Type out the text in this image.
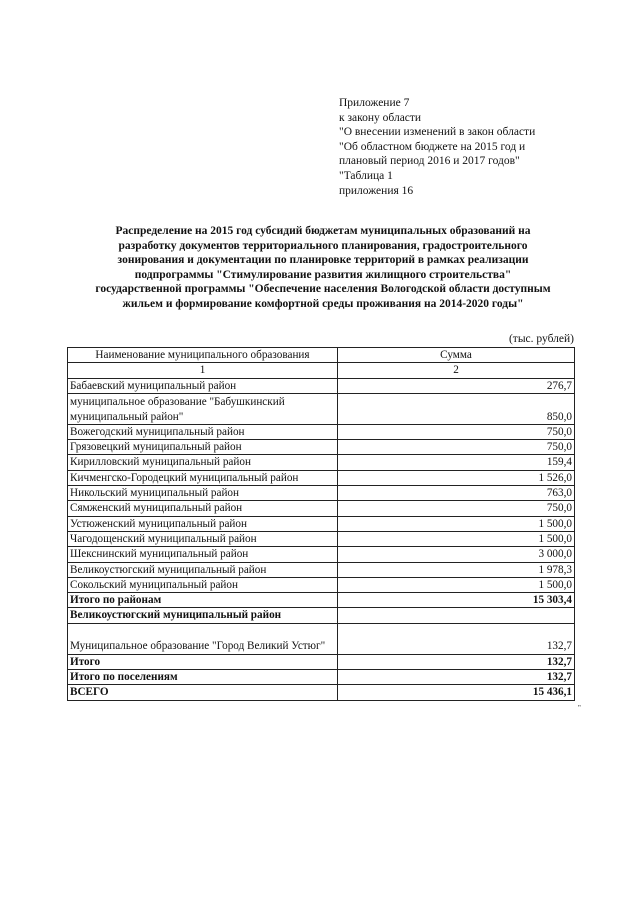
Приложение 7
к закону области
"О внесении изменений в закон области
"Об областном бюджете на 2015 год и
плановый период 2016 и 2017 годов"
"Таблица 1
приложения 16
Распределение на 2015 год субсидий бюджетам муниципальных образований на
разработку документов территориального планирования, градостроительного
зонирования и документации по планировке территорий в рамках реализации
подпрограммы "Стимулирование развития жилищного строительства"
государственной программы "Обеспечение населения Вологодской области доступным
жильем и формирование комфортной среды проживания на 2014-2020 годы"
(тыс. рублей)
Наименование муниципального образования	Сумма
1	2
Бабаевский муниципальный район	276,7
муниципальное образование "Бабушкинский муниципальный район"	850,0
Вожегодский муниципальный район	750,0
Грязовецкий муниципальный район	750,0
Кирилловский муниципальный район	159,4
Кичменгско-Городецкий муниципальный район	1 526,0
Никольский муниципальный район	763,0
Сямженский муниципальный район	750,0
Устюженский муниципальный район	1 500,0
Чагодощенский муниципальный район	1 500,0
Шекснинский муниципальный район	3 000,0
Великоустюгский муниципальный район	1 978,3
Сокольский муниципальный район	1 500,0
Итого по районам	15 303,4
Великоустюгский муниципальный район	
Муниципальное образование "Город Великий Устюг"	132,7
Итого	132,7
Итого по поселениям	132,7
ВСЕГО	15 436,1
"
